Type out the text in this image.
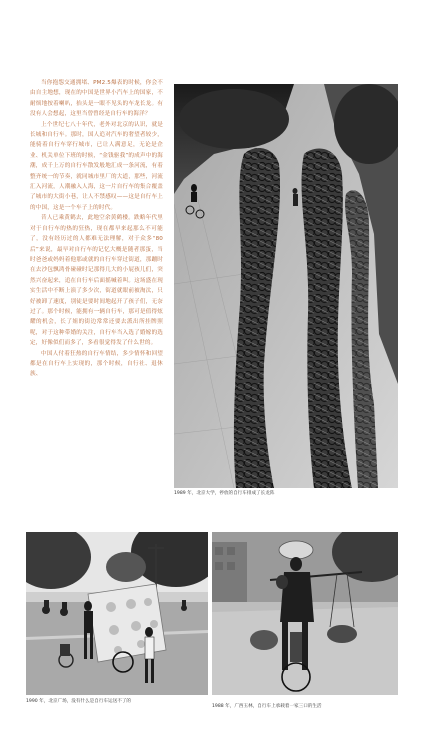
当你抱怨交通拥堵、PM2.5爆表的时候，你会不由自主地想，现在的中国是世界小汽车上的国家，不耐烦地按着喇叭，抬头是一眼不见头的车龙长龙。有没有人会想起，这里当曾曾经是自行车的海洋？

上个世纪七八十年代，老外对北京的认识，就是长城和自行车。那时，国人追对汽车的奢望者较少，能骑着自行车穿行城市，已让人满意足，无论是企业、机关单位下班的时候，“金钱驱我”的成声中的海潮，成千上万的自行车散发般地汇成一条河流，有着整齐统一的节奏，就同城市里厂的大道，那些，河流汇入河流，人潮融入人海，这一片自行车的集合覆盖了城市的大街小巷，让人不禁感叹——这是自行车上的中国，这是一个车子上的时代。

昔人已乘黄鹤去，此地空余黄鹤楼。跌略年代里对于自行车的热的狂热，现在都早来起那么不可能了，没有经历过的人都难无法理解，对于众多“80后”来说，最早对自行车的记忆大概是随者那蛋，当时爸爸或妈妈着他那或就的自行车穿过街道，那蹦时在去沙包飘鸿骨碰碰时记那得几大的小屁孩儿们，突然兴奋起来，追在自行车后面摇喊着叫。这场盛在现实生活中不断上演了多少次，街道就眼前被淘汰，只好被卸了速度，别徒是要时间地起开了孩子们，无奈过了。那个时候，能拥有一辆自行车，那可是值得炫耀的机会，长了姐的街边常常还要去派出所挂牌照呢，对于这种带婚的关注，自行车当入选了婚嫁的选定，好像似们而多了，多看很觉得发了什么世的。

中国人付着狂热的自行车情结，多少情怀和回望都是在自行车上实现的，那个时候，自行社、退休族、

1989 年，北京大学，停放的自行车排成了长龙阵
1990 年，北京广场，没有什么是自行车运送不了的
1988 年，广西玉林，自行车上承载着一家三口的生活
